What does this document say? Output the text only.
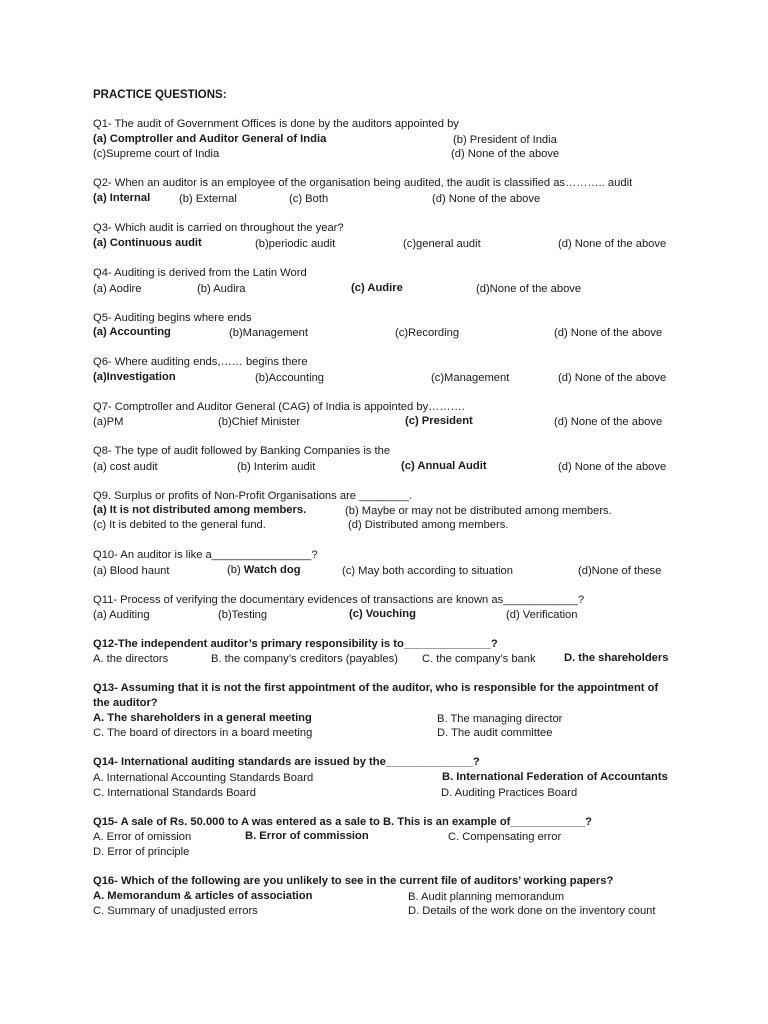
PRACTICE QUESTIONS:
Q1- The audit of Government Offices is done by the auditors appointed by
(a) Comptroller and Auditor General of India	(b) President of India
(c)Supreme court of India	(d) None of the above
Q2- When an auditor is an employee of the organisation being audited, the audit is classified as……….. audit
(a) Internal	(b) External	(c) Both	(d) None of the above
Q3- Which audit is carried on throughout the year?
(a) Continuous audit	(b)periodic audit	(c)general audit	(d) None of the above
Q4- Auditing is derived from the Latin Word
(a) Aodire	(b) Audira	(c) Audire	(d)None of the above
Q5- Auditing begins where ends
(a) Accounting	(b)Management	(c)Recording	(d) None of the above
Q6- Where auditing ends,…… begins there
(a)Investigation	(b)Accounting	(c)Management	(d) None of the above
Q7- Comptroller and Auditor General (CAG) of India is appointed by……….
(a)PM	(b)Chief Minister	(c) President	(d) None of the above
Q8- The type of audit followed by Banking Companies is the
(a) cost audit	(b) Interim audit	(c) Annual Audit	(d) None of the above
Q9. Surplus or profits of Non-Profit Organisations are ________.
(a) It is not distributed among members.	(b) Maybe or may not be distributed among members.
(c) It is debited to the general fund.	(d) Distributed among members.
Q10- An auditor is like a________________?
(a) Blood haunt	(b) Watch dog	(c) May both according to situation	(d)None of these
Q11- Process of verifying the documentary evidences of transactions are known as____________?
(a) Auditing	(b)Testing	(c) Vouching	(d) Verification
Q12-The independent auditor’s primary responsibility is to______________?
A. the directors	B. the company’s creditors (payables) C. the company’s bank	D. the shareholders
Q13- Assuming that it is not the first appointment of the auditor, who is responsible for the appointment of
the auditor?
A. The shareholders in a general meeting	B. The managing director
C. The board of directors in a board meeting	D. The audit committee
Q14- International auditing standards are issued by the______________?
A. International Accounting Standards Board	B. International Federation of Accountants
C. International Standards Board	D. Auditing Practices Board
Q15- A sale of Rs. 50.000 to A was entered as a sale to B. This is an example of____________?
A. Error of omission	B. Error of commission	C. Compensating error
D. Error of principle
Q16- Which of the following are you unlikely to see in the current file of auditors’ working papers?
A. Memorandum & articles of association	B. Audit planning memorandum
C. Summary of unadjusted errors	D. Details of the work done on the inventory count
